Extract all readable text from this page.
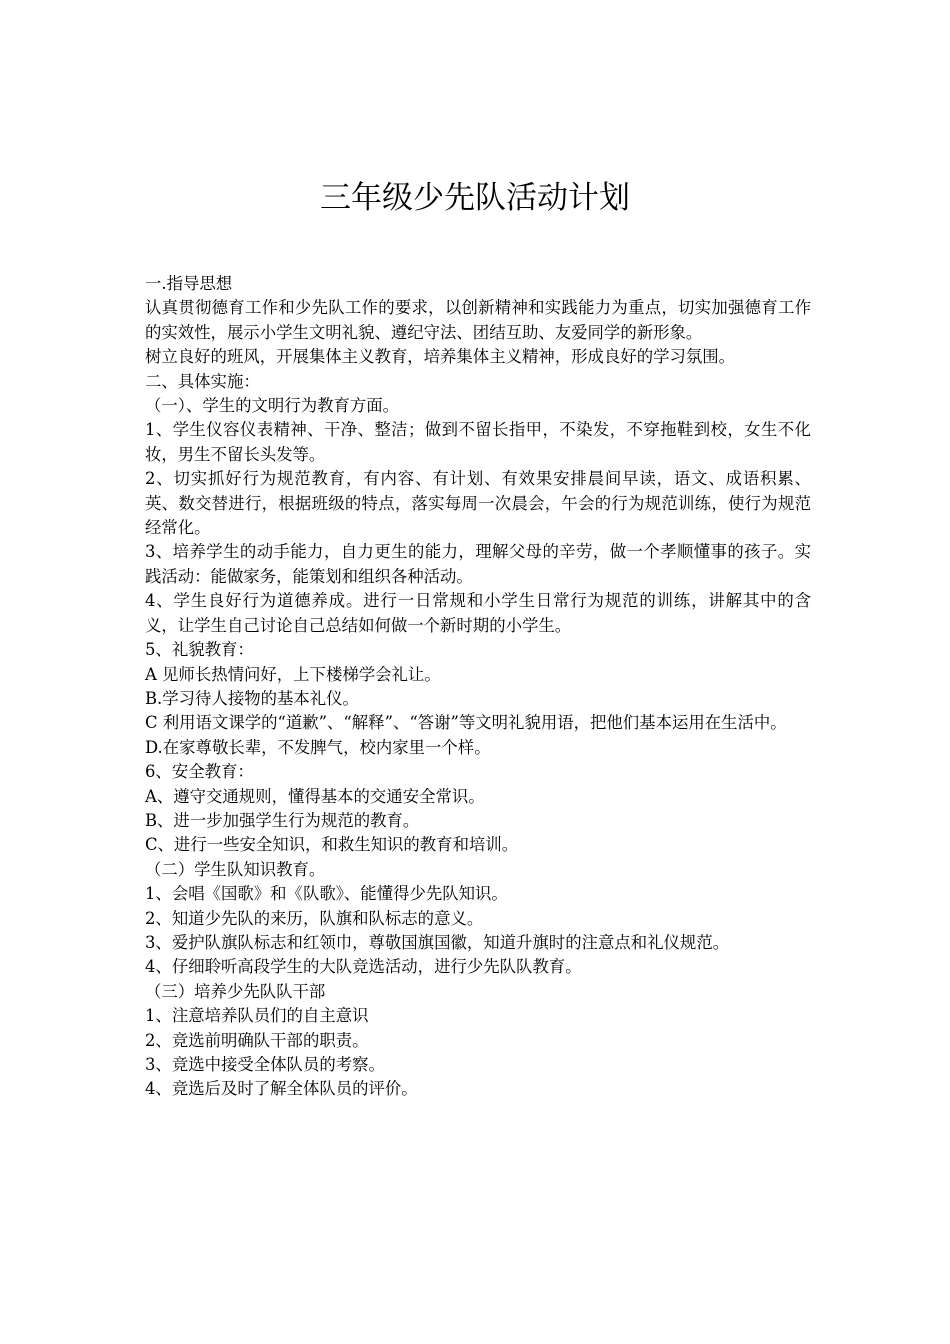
三年级少先队活动计划

一.指导思想

认真贯彻德育工作和少先队工作的要求，以创新精神和实践能力为重点，切实加强德育工作的实效性，展示小学生文明礼貌、遵纪守法、团结互助、友爱同学的新形象。

树立良好的班风，开展集体主义教育，培养集体主义精神，形成良好的学习氛围。

二、具体实施：

（一）、学生的文明行为教育方面。

1、学生仪容仪表精神、干净、整洁；做到不留长指甲，不染发，不穿拖鞋到校，女生不化妆，男生不留长头发等。

2、切实抓好行为规范教育，有内容、有计划、有效果安排晨间早读，语文、成语积累、英、数交替进行，根据班级的特点，落实每周一次晨会，午会的行为规范训练，使行为规范经常化。

3、培养学生的动手能力，自力更生的能力，理解父母的辛劳，做一个孝顺懂事的孩子。实践活动：能做家务，能策划和组织各种活动。

4、学生良好行为道德养成。进行一日常规和小学生日常行为规范的训练，讲解其中的含义，让学生自己讨论自己总结如何做一个新时期的小学生。

5、礼貌教育：

A 见师长热情问好，上下楼梯学会礼让。

B.学习待人接物的基本礼仪。

C 利用语文课学的“道歉”、“解释”、“答谢”等文明礼貌用语，把他们基本运用在生活中。

D.在家尊敬长辈，不发脾气，校内家里一个样。

6、安全教育：

A、遵守交通规则，懂得基本的交通安全常识。

B、进一步加强学生行为规范的教育。

C、进行一些安全知识，和救生知识的教育和培训。

（二）学生队知识教育。

1、会唱《国歌》和《队歌》、能懂得少先队知识。

2、知道少先队的来历，队旗和队标志的意义。

3、爱护队旗队标志和红领巾，尊敬国旗国徽，知道升旗时的注意点和礼仪规范。

4、仔细聆听高段学生的大队竞选活动，进行少先队队教育。

（三）培养少先队队干部

1、注意培养队员们的自主意识

2、竞选前明确队干部的职责。

3、竞选中接受全体队员的考察。

4、竞选后及时了解全体队员的评价。
